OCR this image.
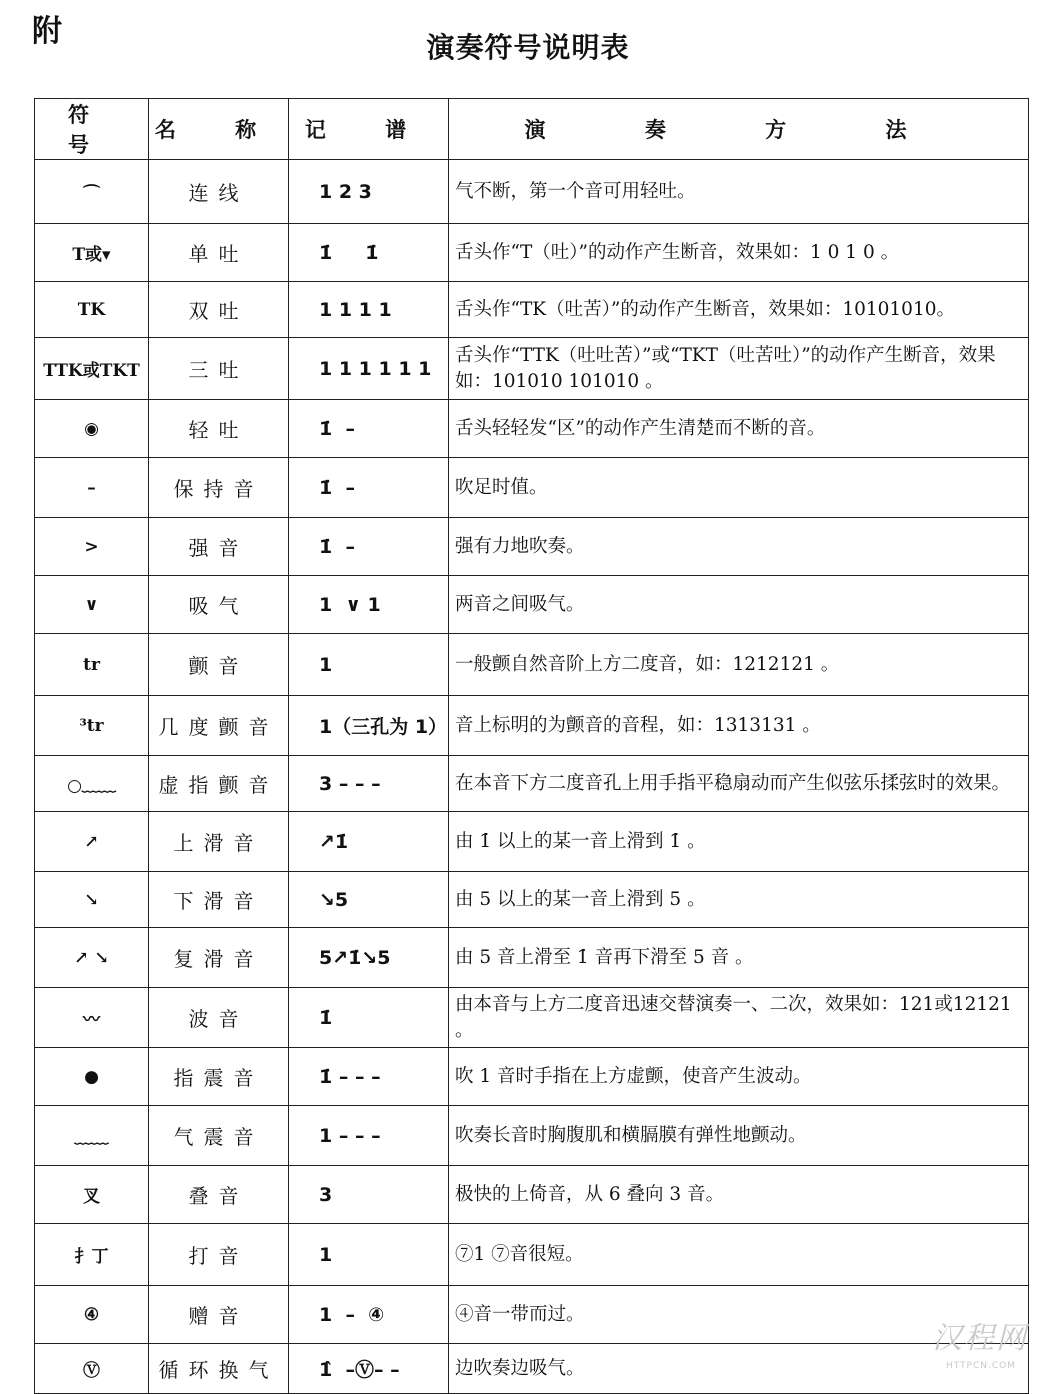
附	演奏符号说明表
符 号	名 称	记 谱	演 奏 方 法
⌒	连线	1 2 3	气不断，第一个音可用轻吐。
T或▾	单吐	1̇     1̇	舌头作“T（吐）”的动作产生断音，效果如：1 0 1 0 。
TK	双吐	1 1 1 1	舌头作“TK（吐苦）”的动作产生断音，效果如：10101010。
TTK或TKT	三吐	1 1 1 1 1 1	舌头作“TTK（吐吐苦）”或“TKT（吐苦吐）”的动作产生断音，效果如：101010 101010 。
◉	轻吐	1̇  –	舌头轻轻发“区”的动作产生清楚而不断的音。
–	保持音	1̇  –	吹足时值。
>	强音	1̇  –	强有力地吹奏。
∨	吸气	1  ∨ 1	两音之间吸气。
tr	颤音	1	一般颤自然音阶上方二度音，如：1212121 。
³tr	几度颤音	1（三孔为 1）	音上标明的为颤音的音程，如：1313131 。
○﹏﹏	虚指颤音	3 – – –	在本音下方二度音孔上用手指平稳扇动而产生似弦乐揉弦时的效果。
↗	上滑音	↗1̇	由 1̇ 以上的某一音上滑到 1̇ 。
↘	下滑音	↘5	由 5 以上的某一音上滑到 5 。
↗ ↘	复滑音	5↗1̇↘5	由 5 音上滑至 1̇ 音再下滑至 5 音 。
〰	波音	1̇	由本音与上方二度音迅速交替演奏一、二次，效果如：121或12121 。
●	指震音	1̇ – – –	吹 1 音时手指在上方虚颤，使音产生波动。
﹏﹏	气震音	1 – – –	吹奏长音时胸腹肌和横膈膜有弹性地颤动。
叉	叠音	3	极快的上倚音，从 6 叠向 3 音。
扌丁	打音	1	⑦1 ⑦音很短。
④	赠音	1  –  ④	④音一带而过。
Ⓥ	循环换气	1̂  –Ⓥ– –	边吹奏边吸气。
汉程网
HTTPCN.COM
